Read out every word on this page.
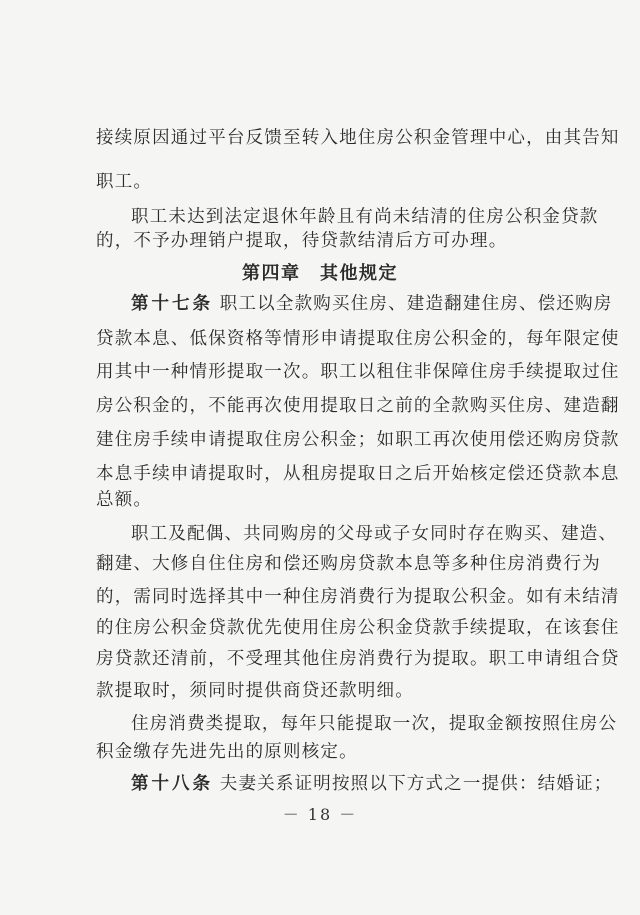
接续原因通过平台反馈至转入地住房公积金管理中心，由其告知
职工。
职工未达到法定退休年龄且有尚未结清的住房公积金贷款
的，不予办理销户提取，待贷款结清后方可办理。
第四章　其他规定
第十七条 职工以全款购买住房、建造翻建住房、偿还购房
贷款本息、低保资格等情形申请提取住房公积金的，每年限定使
用其中一种情形提取一次。职工以租住非保障住房手续提取过住
房公积金的，不能再次使用提取日之前的全款购买住房、建造翻
建住房手续申请提取住房公积金；如职工再次使用偿还购房贷款
本息手续申请提取时，从租房提取日之后开始核定偿还贷款本息
总额。
职工及配偶、共同购房的父母或子女同时存在购买、建造、
翻建、大修自住住房和偿还购房贷款本息等多种住房消费行为
的，需同时选择其中一种住房消费行为提取公积金。如有未结清
的住房公积金贷款优先使用住房公积金贷款手续提取，在该套住
房贷款还清前，不受理其他住房消费行为提取。职工申请组合贷
款提取时，须同时提供商贷还款明细。
住房消费类提取，每年只能提取一次，提取金额按照住房公
积金缴存先进先出的原则核定。
第十八条 夫妻关系证明按照以下方式之一提供：结婚证；
－ 18 －
